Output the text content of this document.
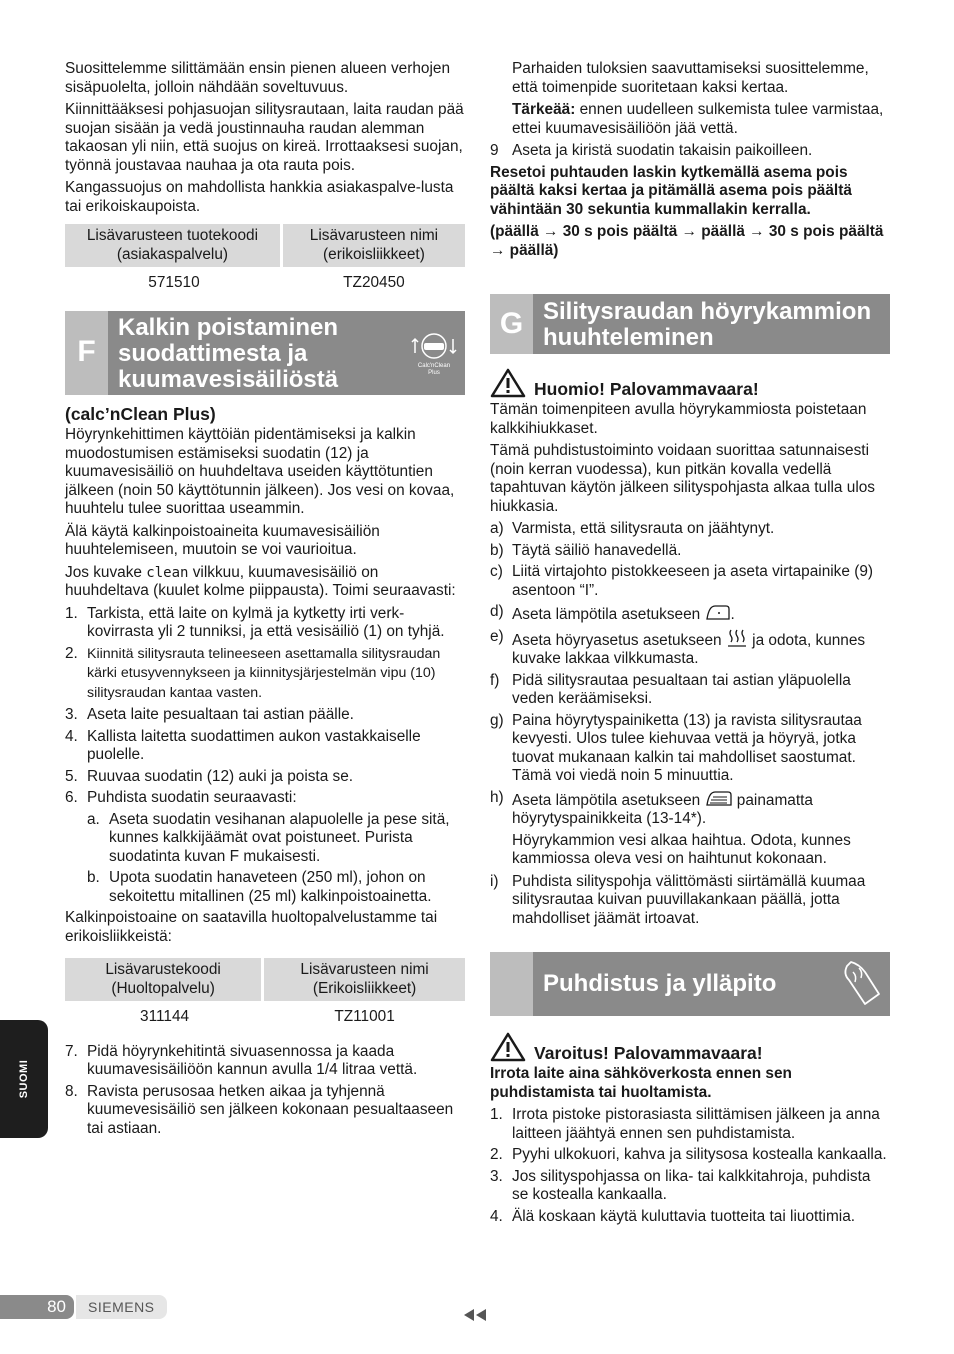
Suosittelemme silittämään ensin pienen alueen verhojen sisäpuolelta, jolloin nähdään soveltuvuus.

Kiinnittääksesi pohjasuojan silitysrautaan, laita raudan pää suojan sisään ja vedä joustinnauha raudan alemman takaosan yli niin, että suojus on kireä. Irrottaaksesi suojan, työnnä joustavaa nauhaa ja ota rauta pois.

Kangassuojus on mahdollista hankkia asiakaspalve-lusta tai erikoiskaupoista.

Lisävarusteen tuotekoodi (asiakaspalvelu)	Lisävarusteen nimi (erikoisliikkeet)
571510	TZ20450
F
Kalkin poistaminen suodattimesta ja kuumavesisäiliöstä	Calc'nClean
Plus
(calc’nClean Plus)

Höyrynkehittimen käyttöiän pidentämiseksi ja kalkin muodostumisen estämiseksi suodatin (12) ja kuumavesisäiliö on huuhdeltava useiden käyttötuntien jälkeen (noin 50 käyttötunnin jälkeen). Jos vesi on kovaa, huuhtelu tulee suorittaa useammin.

Älä käytä kalkinpoistoaineita kuumavesisäiliön huuhtelemiseen, muutoin se voi vaurioitua.

Jos kuvake clean vilkkuu, kuumavesisäiliö on huuhdeltava (kuulet kolme piippausta). Toimi seuraavasti:

1. Tarkista, että laite on kylmä ja kytketty irti verk-kovirrasta yli 2 tunniksi, ja että vesisäiliö (1) on tyhjä.
2. Kiinnitä silitysrauta telineeseen asettamalla silitysraudan kärki etusyvennykseen ja kiinnitysjärjestelmän vipu (10) silitysraudan kantaa vasten.
3. Aseta laite pesualtaan tai astian päälle.
4. Kallista laitetta suodattimen aukon vastakkaiselle puolelle.
5. Ruuvaa suodatin (12) auki ja poista se.
6. Puhdista suodatin seuraavasti:
a. Aseta suodatin vesihanan alapuolelle ja pese sitä, kunnes kalkkijäämät ovat poistuneet. Purista suodatinta kuvan F mukaisesti.
b. Upota suodatin hanaveteen (250 ml), johon on sekoitettu mitallinen (25 ml) kalkinpoistoainetta.

Kalkinpoistoaine on saatavilla huoltopalvelustamme tai erikoisliikkeistä:

Lisävarustekoodi (Huoltopalvelu)	Lisävarusteen nimi (Erikoisliikkeet)
311144	TZ11001
7. Pidä höyrynkehitintä sivuasennossa ja kaada kuumavesisäiliöön kannun avulla 1/4 litraa vettä.
8. Ravista perusosaa hetken aikaa ja tyhjennä kuumevesisäiliö sen jälkeen kokonaan pesualtaaseen tai astiaan.

Parhaiden tuloksien saavuttamiseksi suosittelemme, että toimenpide suoritetaan kaksi kertaa.

Tärkeää: ennen uudelleen sulkemista tulee varmistaa, ettei kuumavesisäiliöön jää vettä.

9 Aseta ja kiristä suodatin takaisin paikoilleen.

Resetoi puhtauden laskin kytkemällä asema pois päältä kaksi kertaa ja pitämällä asema pois päältä vähintään 30 sekuntia kummallakin kerralla.

(päällä → 30 s pois päältä → päällä → 30 s pois päältä → päällä)

G Silitysraudan höyrykammion huuhteleminen
Huomio! Palovammavaara!

Tämän toimenpiteen avulla höyrykammiosta poistetaan kalkkihiukkaset.

Tämä puhdistustoiminto voidaan suorittaa satunnaisesti (noin kerran vuodessa), kun pitkän kovalla vedellä tapahtuvan käytön jälkeen silityspohjasta alkaa tulla ulos hiukkasia.

a) Varmista, että silitysrauta on jäähtynyt.
b) Täytä säiliö hanavedellä.
c) Liitä virtajohto pistokkeeseen ja aseta virtapainike (9) asentoon “I”.
d) Aseta lämpötila asetukseen .
e) Aseta höyryasetus asetukseen ja odota, kunnes kuvake lakkaa vilkkumasta.
f) Pidä silitysrautaa pesualtaan tai astian yläpuolella veden keräämiseksi.
g) Paina höyrytyspainiketta (13) ja ravista silitysrautaa kevyesti. Ulos tulee kiehuvaa vettä ja höyryä, jotka tuovat mukanaan kalkin tai mahdolliset saostumat. Tämä voi viedä noin 5 minuuttia.
h) Aseta lämpötila asetukseen painamatta höyrytyspainikkeita (13-14*).

Höyrykammion vesi alkaa haihtua. Odota, kunnes kammiossa oleva vesi on haihtunut kokonaan.

i) Puhdista silityspohja välittömästi siirtämällä kuumaa silitysrautaa kuivan puuvillakankaan päällä, jotta mahdolliset jäämät irtoavat.
Puhdistus ja ylläpito
Varoitus! Palovammavaara!

Irrota laite aina sähköverkosta ennen sen puhdistamista tai huoltamista.

1. Irrota pistoke pistorasiasta silittämisen jälkeen ja anna laitteen jäähtyä ennen sen puhdistamista.
2. Pyyhi ulkokuori, kahva ja silitysosa kostealla kankaalla.
3. Jos silityspohjassa on lika- tai kalkkitahroja, puhdista se kostealla kankaalla.
4. Älä koskaan käytä kuluttavia tuotteita tai liuottimia.
SUOMI
80	SIEMENS
